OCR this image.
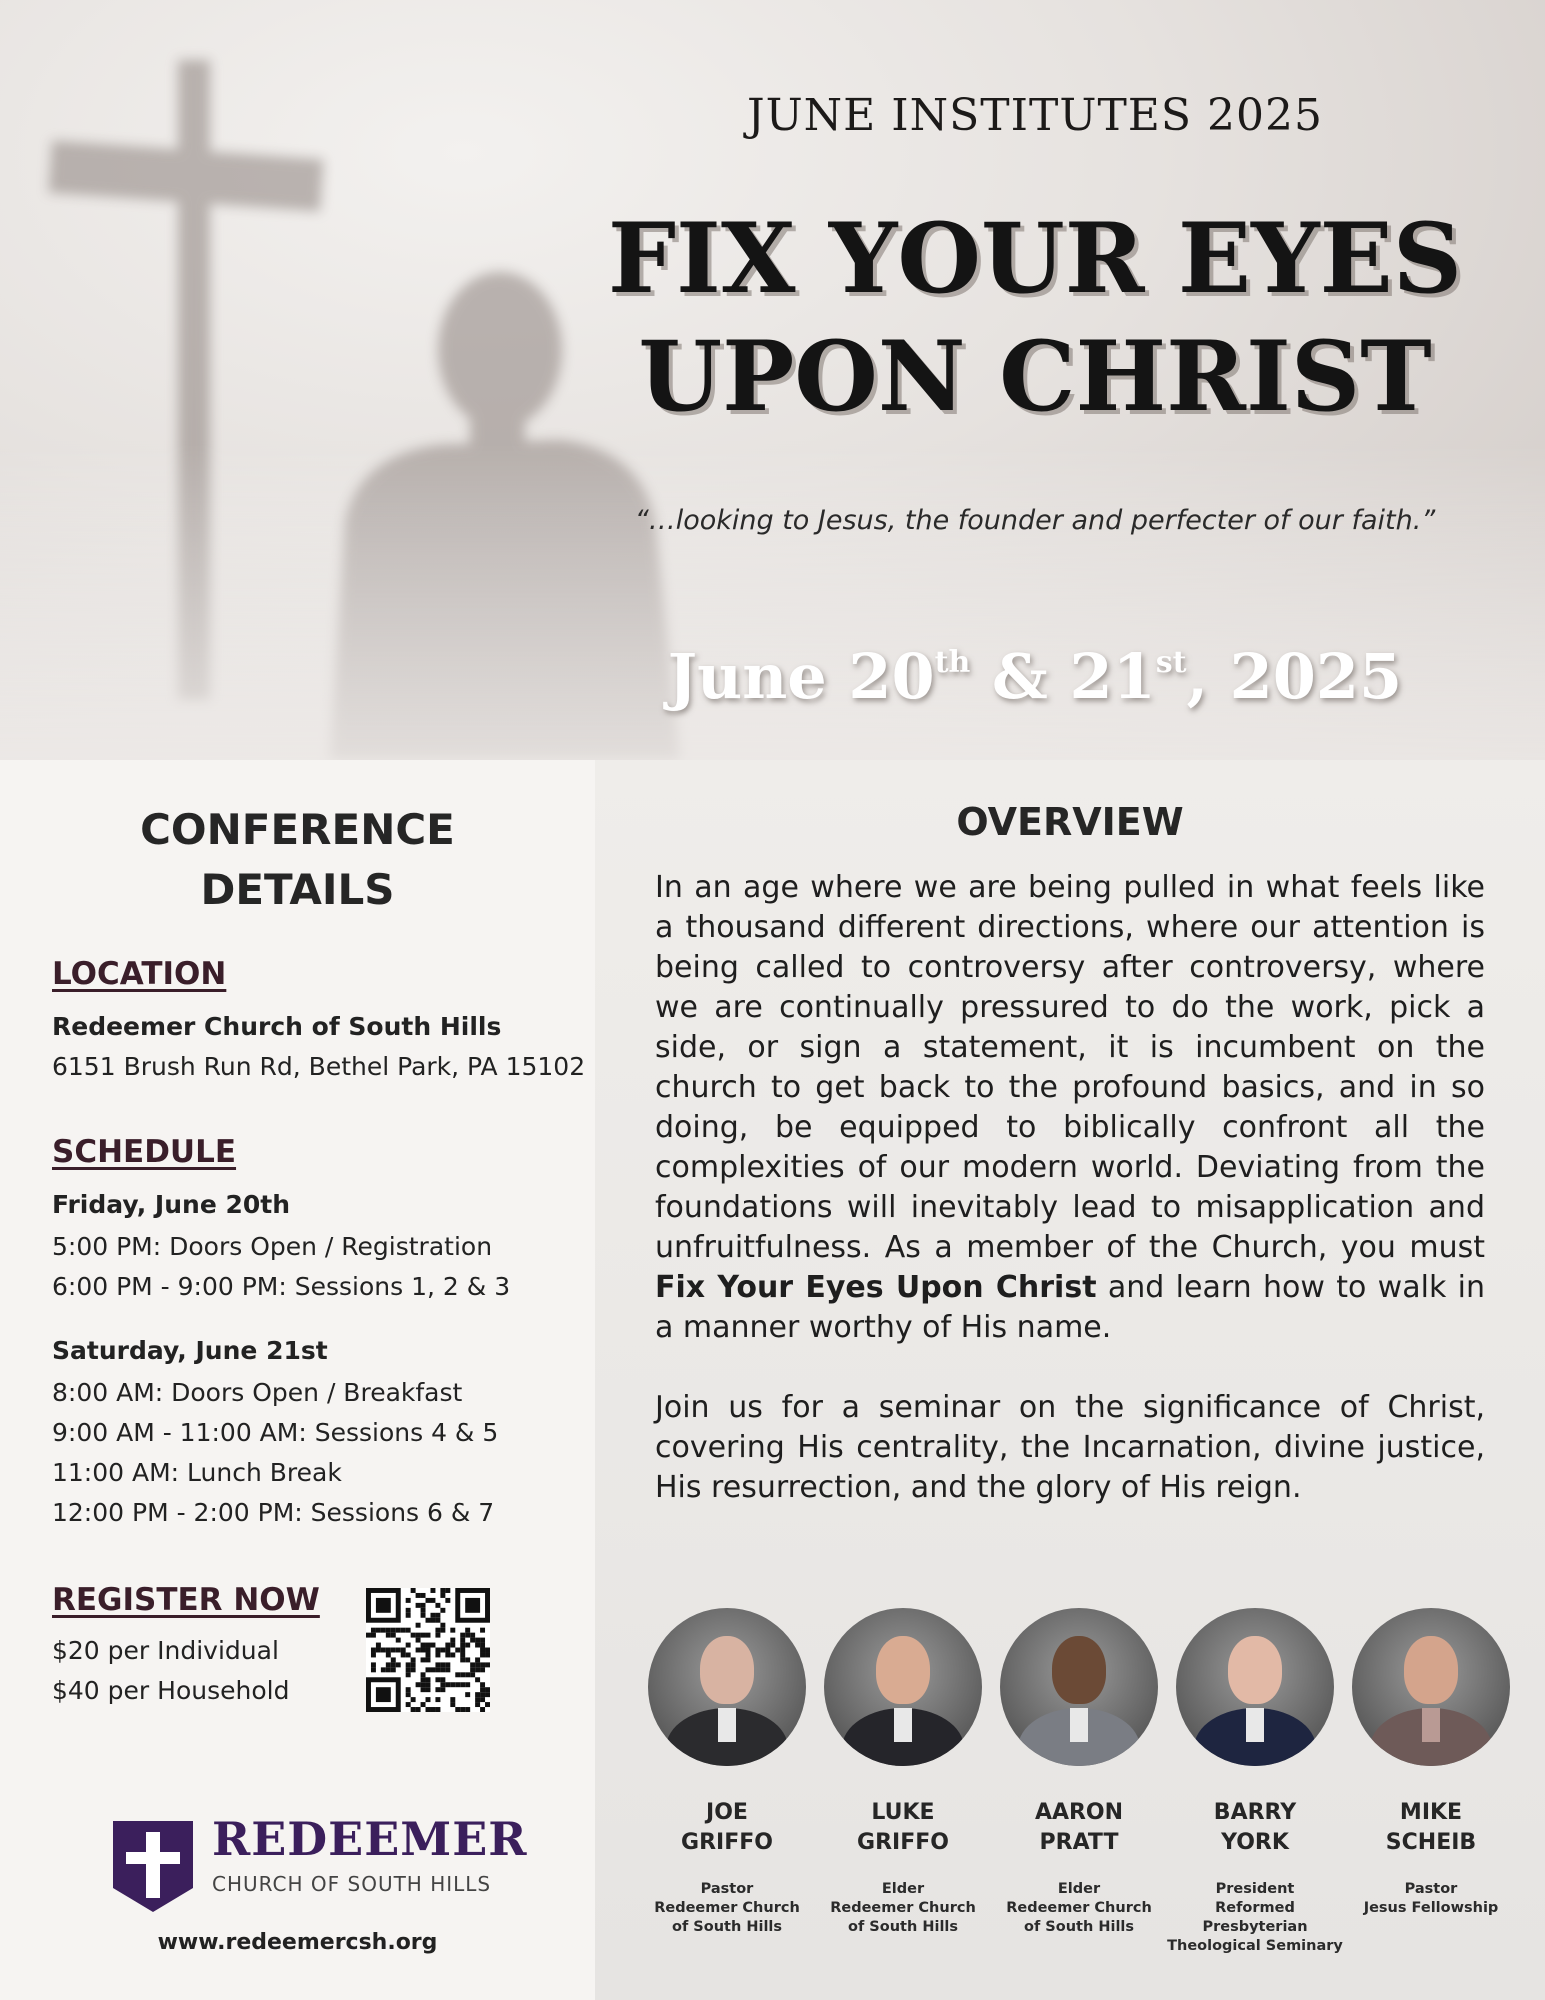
JUNE INSTITUTES 2025
FIX YOUR EYES
UPON CHRIST
“…looking to Jesus, the founder and perfecter of our faith.”
June 20th & 21st, 2025
CONFERENCE
DETAILS
LOCATION
Redeemer Church of South Hills
6151 Brush Run Rd, Bethel Park, PA 15102
SCHEDULE
Friday, June 20th
5:00 PM: Doors Open / Registration
6:00 PM - 9:00 PM: Sessions 1, 2 & 3
Saturday, June 21st
8:00 AM: Doors Open / Breakfast
9:00 AM - 11:00 AM: Sessions 4 & 5
11:00 AM: Lunch Break
12:00 PM - 2:00 PM: Sessions 6 & 7
REGISTER NOW
$20 per Individual
$40 per Household
REDEEMER
CHURCH OF SOUTH HILLS
www.redeemercsh.org
OVERVIEW
In an age where we are being pulled in what feels like a thousand different directions, where our attention is being called to controversy after controversy, where we are continually pressured to do the work, pick a side, or sign a statement, it is incumbent on the church to get back to the profound basics, and in so doing, be equipped to biblically confront all the complexities of our modern world. Deviating from the foundations will inevitably lead to misapplication and unfruitfulness. As a member of the Church, you must Fix Your Eyes Upon Christ and learn how to walk in a manner worthy of His name.
Join us for a seminar on the significance of Christ, covering His centrality, the Incarnation, divine justice, His resurrection, and the glory of His reign.
JOE
GRIFFO
Pastor
Redeemer Church
of South Hills
LUKE
GRIFFO
Elder
Redeemer Church
of South Hills
AARON
PRATT
Elder
Redeemer Church
of South Hills
BARRY
YORK
President
Reformed Presbyterian
Theological Seminary
MIKE
SCHEIB
Pastor
Jesus Fellowship
